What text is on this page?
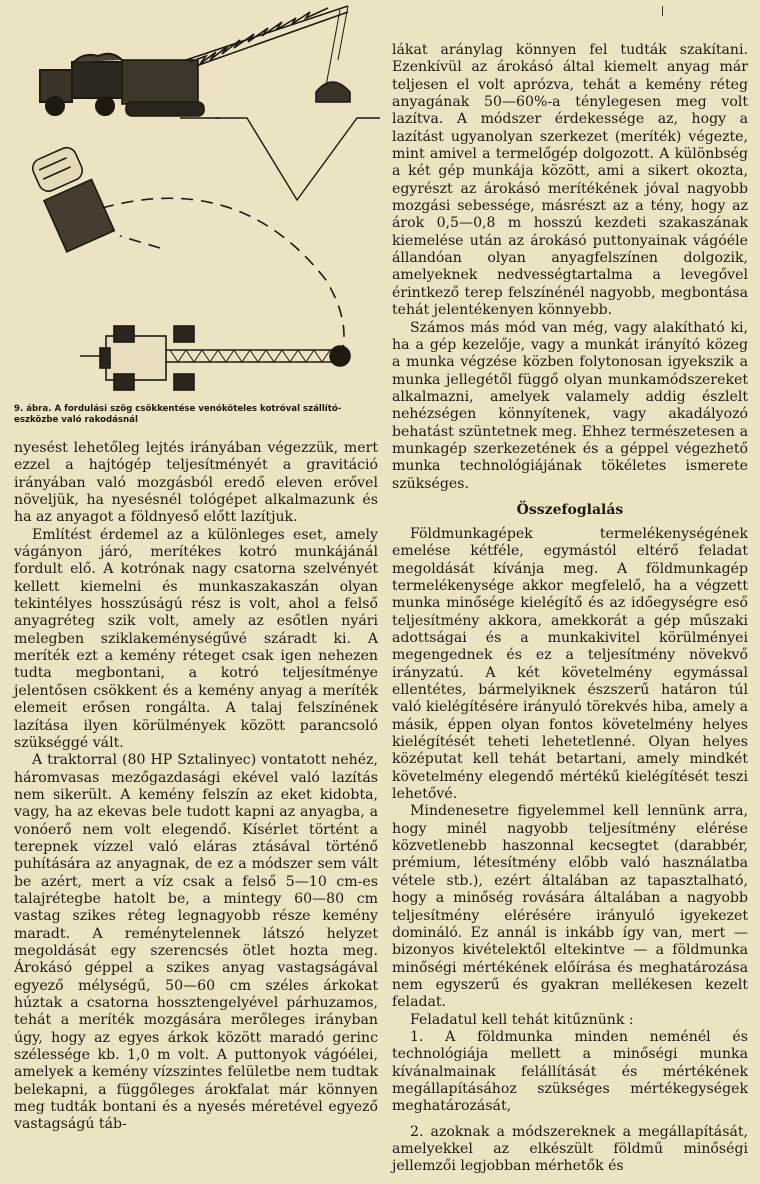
9. ábra. A fordulási szög csökkentése venóköteles kotróval szállító-eszközbe való rakodásnál

nyesést lehetőleg lejtés irányában végezzük, mert ezzel a hajtógép teljesítményét a gravitáció irányában való mozgásból eredő eleven erővel növeljük, ha nyesésnél tológépet alkalmazunk és ha az anyagot a földnyeső előtt lazítjuk.

Említést érdemel az a különleges eset, amely vágányon járó, merítékes kotró munkájánál fordult elő. A kotrónak nagy csatorna szelvényét kellett kiemelni és munkaszakaszán olyan tekintélyes hosszúságú rész is volt, ahol a felső anyagréteg szik volt, amely az esőtlen nyári melegben sziklakeménységűvé száradt ki. A meríték ezt a kemény réteget csak igen nehezen tudta megbontani, a kotró teljesítménye jelentősen csökkent és a kemény anyag a meríték elemeit erősen rongálta. A talaj felszínének lazítása ilyen körülmények között parancsoló szükséggé vált.

A traktorral (80 HP Sztalinyec) vontatott nehéz, háromvasas mezőgazdasági ekével való lazítás nem sikerült. A kemény felszín az eket kidobta, vagy, ha az ekevas bele tudott kapni az anyagba, a vonóerő nem volt elegendő. Kísérlet történt a terepnek vízzel való eláras ztásával történő puhítására az anyagnak, de ez a módszer sem vált be azért, mert a víz csak a felső 5—10 cm-es talajrétegbe hatolt be, a mintegy 60—80 cm vastag szikes réteg legnagyobb része kemény maradt. A reménytelennek látszó helyzet megoldását egy szerencsés ötlet hozta meg. Árokásó géppel a szikes anyag vastagságával egyező mélységű, 50—60 cm széles árkokat húztak a csatorna hossztengelyével párhuzamos, tehát a meríték mozgására merőleges irányban úgy, hogy az egyes árkok között maradó gerinc szélessége kb. 1,0 m volt. A puttonyok vágóélei, amelyek a kemény vízszintes felületbe nem tudtak belekapni, a függőleges árokfalat már könnyen meg tudták bontani és a nyesés méretével egyező vastagságú táb-

lákat aránylag könnyen fel tudták szakítani. Ezenkívül az árokásó által kiemelt anyag már teljesen el volt aprózva, tehát a kemény réteg anyagának 50—60%-a ténylegesen meg volt lazítva. A módszer érdekessége az, hogy a lazítást ugyanolyan szerkezet (meríték) végezte, mint amivel a termelőgép dolgozott. A különbség a két gép munkája között, ami a sikert okozta, egyrészt az árokásó merítékének jóval nagyobb mozgási sebessége, másrészt az a tény, hogy az árok 0,5—0,8 m hosszú kezdeti szakaszának kiemelése után az árokásó puttonyainak vágóéle állandóan olyan anyagfelszínen dolgozik, amelyeknek nedvességtartalma a levegővel érintkező terep felszínénél nagyobb, megbontása tehát jelentékenyen könnyebb.

Számos más mód van még, vagy alakítható ki, ha a gép kezelője, vagy a munkát irányító közeg a munka végzése közben folytonosan igyekszik a munka jellegétől függő olyan munkamódszereket alkalmazni, amelyek valamely addig észlelt nehézségen könnyítenek, vagy akadályozó behatást szüntetnek meg. Ehhez természetesen a munkagép szerkezetének és a géppel végezhető munka technológiájának tökéletes ismerete szükséges.

Összefoglalás

Földmunkagépek termelékenységének emelése kétféle, egymástól eltérő feladat megoldását kívánja meg. A földmunkagép termelékenysége akkor megfelelő, ha a végzett munka minősége kielégítő és az időegységre eső teljesítmény akkora, amekkorát a gép műszaki adottságai és a munkakivitel körülményei megengednek és ez a teljesítmény növekvő irányzatú. A két követelmény egymással ellentétes, bármelyiknek észszerű határon túl való kielégítésére irányuló törekvés hiba, amely a másik, éppen olyan fontos követelmény helyes kielégítését teheti lehetetlenné. Olyan helyes középutat kell tehát betartani, amely mindkét követelmény elegendő mértékű kielégítését teszi lehetővé.

Mindenesetre figyelemmel kell lennünk arra, hogy minél nagyobb teljesítmény elérése közvetlenebb haszonnal kecsegtet (darabbér, prémium, létesítmény előbb való használatba vétele stb.), ezért általában az tapasztalható, hogy a minőség rovására általában a nagyobb teljesítmény elérésére irányuló igyekezet domináló. Ez annál is inkább így van, mert — bizonyos kivételektől eltekintve — a földmunka minőségi mértékének előírása és meghatározása nem egyszerű és gyakran mellékesen kezelt feladat.

Feladatul kell tehát kitűznünk :

1. A földmunka minden neménél és technológiája mellett a minőségi munka kívánalmainak felállítását és mértékének megállapításához szükséges mértékegységek meghatározását,

2. azoknak a módszereknek a megállapítását, amelyekkel az elkészült földmű minőségi jellemzői legjobban mérhetők és
